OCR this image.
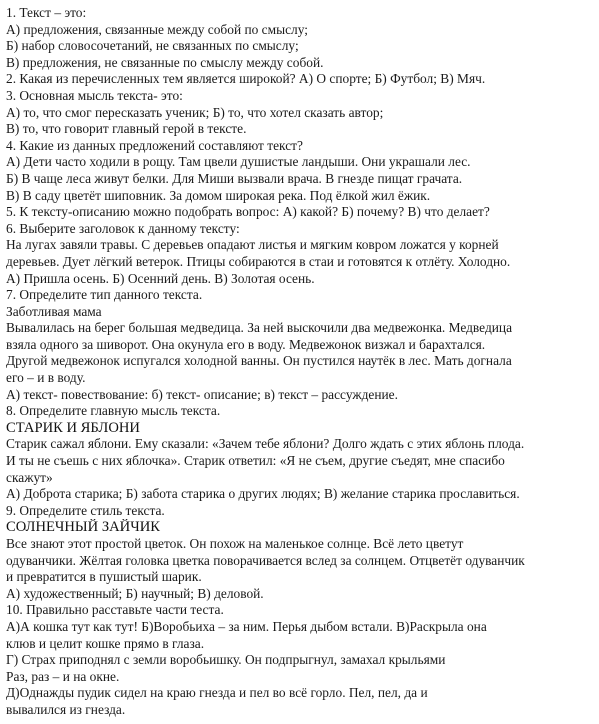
1. Текст – это:
А) предложения, связанные между собой по смыслу;
Б) набор словосочетаний, не связанных по смыслу;
В) предложения, не связанные по смыслу между собой.
2. Какая из перечисленных тем является широкой? А) О спорте; Б) Футбол; В) Мяч.
3. Основная мысль текста- это:
А) то, что смог пересказать ученик; Б) то, что хотел сказать автор;
В) то, что говорит главный герой в тексте.
4. Какие из данных предложений составляют текст?
А) Дети часто ходили в рощу. Там цвели душистые ландыши. Они украшали лес.
Б) В чаще леса живут белки. Для Миши вызвали врача. В гнезде пищат грачата.
В) В саду цветёт шиповник. За домом широкая река. Под ёлкой жил ёжик.
5. К тексту-описанию можно подобрать вопрос: А) какой? Б) почему? В) что делает?
6. Выберите заголовок к данному тексту:
На лугах завяли травы. С деревьев опадают листья и мягким ковром ложатся у корней
деревьев. Дует лёгкий ветерок. Птицы собираются в стаи и готовятся к отлёту. Холодно.
А) Пришла осень. Б) Осенний день. В) Золотая осень.
7. Определите тип данного текста.
Заботливая мама
Вывалилась на берег большая медведица. За ней выскочили два медвежонка. Медведица
взяла одного за шиворот. Она окунула его в воду. Медвежонок визжал и барахтался.
Другой медвежонок испугался холодной ванны. Он пустился наутёк в лес. Мать догнала
его – и в воду.
А) текст- повествование: б) текст- описание; в) текст – рассуждение.
8. Определите главную мысль текста.
СТАРИК И ЯБЛОНИ
Старик сажал яблони. Ему сказали: «Зачем тебе яблони? Долго ждать с этих яблонь плода.
И ты не съешь с них яблочка». Старик ответил: «Я не съем, другие съедят, мне спасибо
скажут»
А) Доброта старика; Б) забота старика о других людях; В) желание старика прославиться.
9. Определите стиль текста.
СОЛНЕЧНЫЙ ЗАЙЧИК
Все знают этот простой цветок. Он похож на маленькое солнце. Всё лето цветут
одуванчики. Жёлтая головка цветка поворачивается вслед за солнцем. Отцветёт одуванчик
и превратится в пушистый шарик.
А) художественный; Б) научный; В) деловой.
10. Правильно расставьте части теста.
А)А кошка тут как тут! Б)Воробьиха – за ним. Перья дыбом встали. В)Раскрыла она
клюв и целит кошке прямо в глаза.
Г) Страх приподнял с земли воробьишку. Он подпрыгнул, замахал крыльями
Раз, раз – и на окне.
Д)Однажды пудик сидел на краю гнезда и пел во всё горло. Пел, пел, да и
вывалился из гнезда.
